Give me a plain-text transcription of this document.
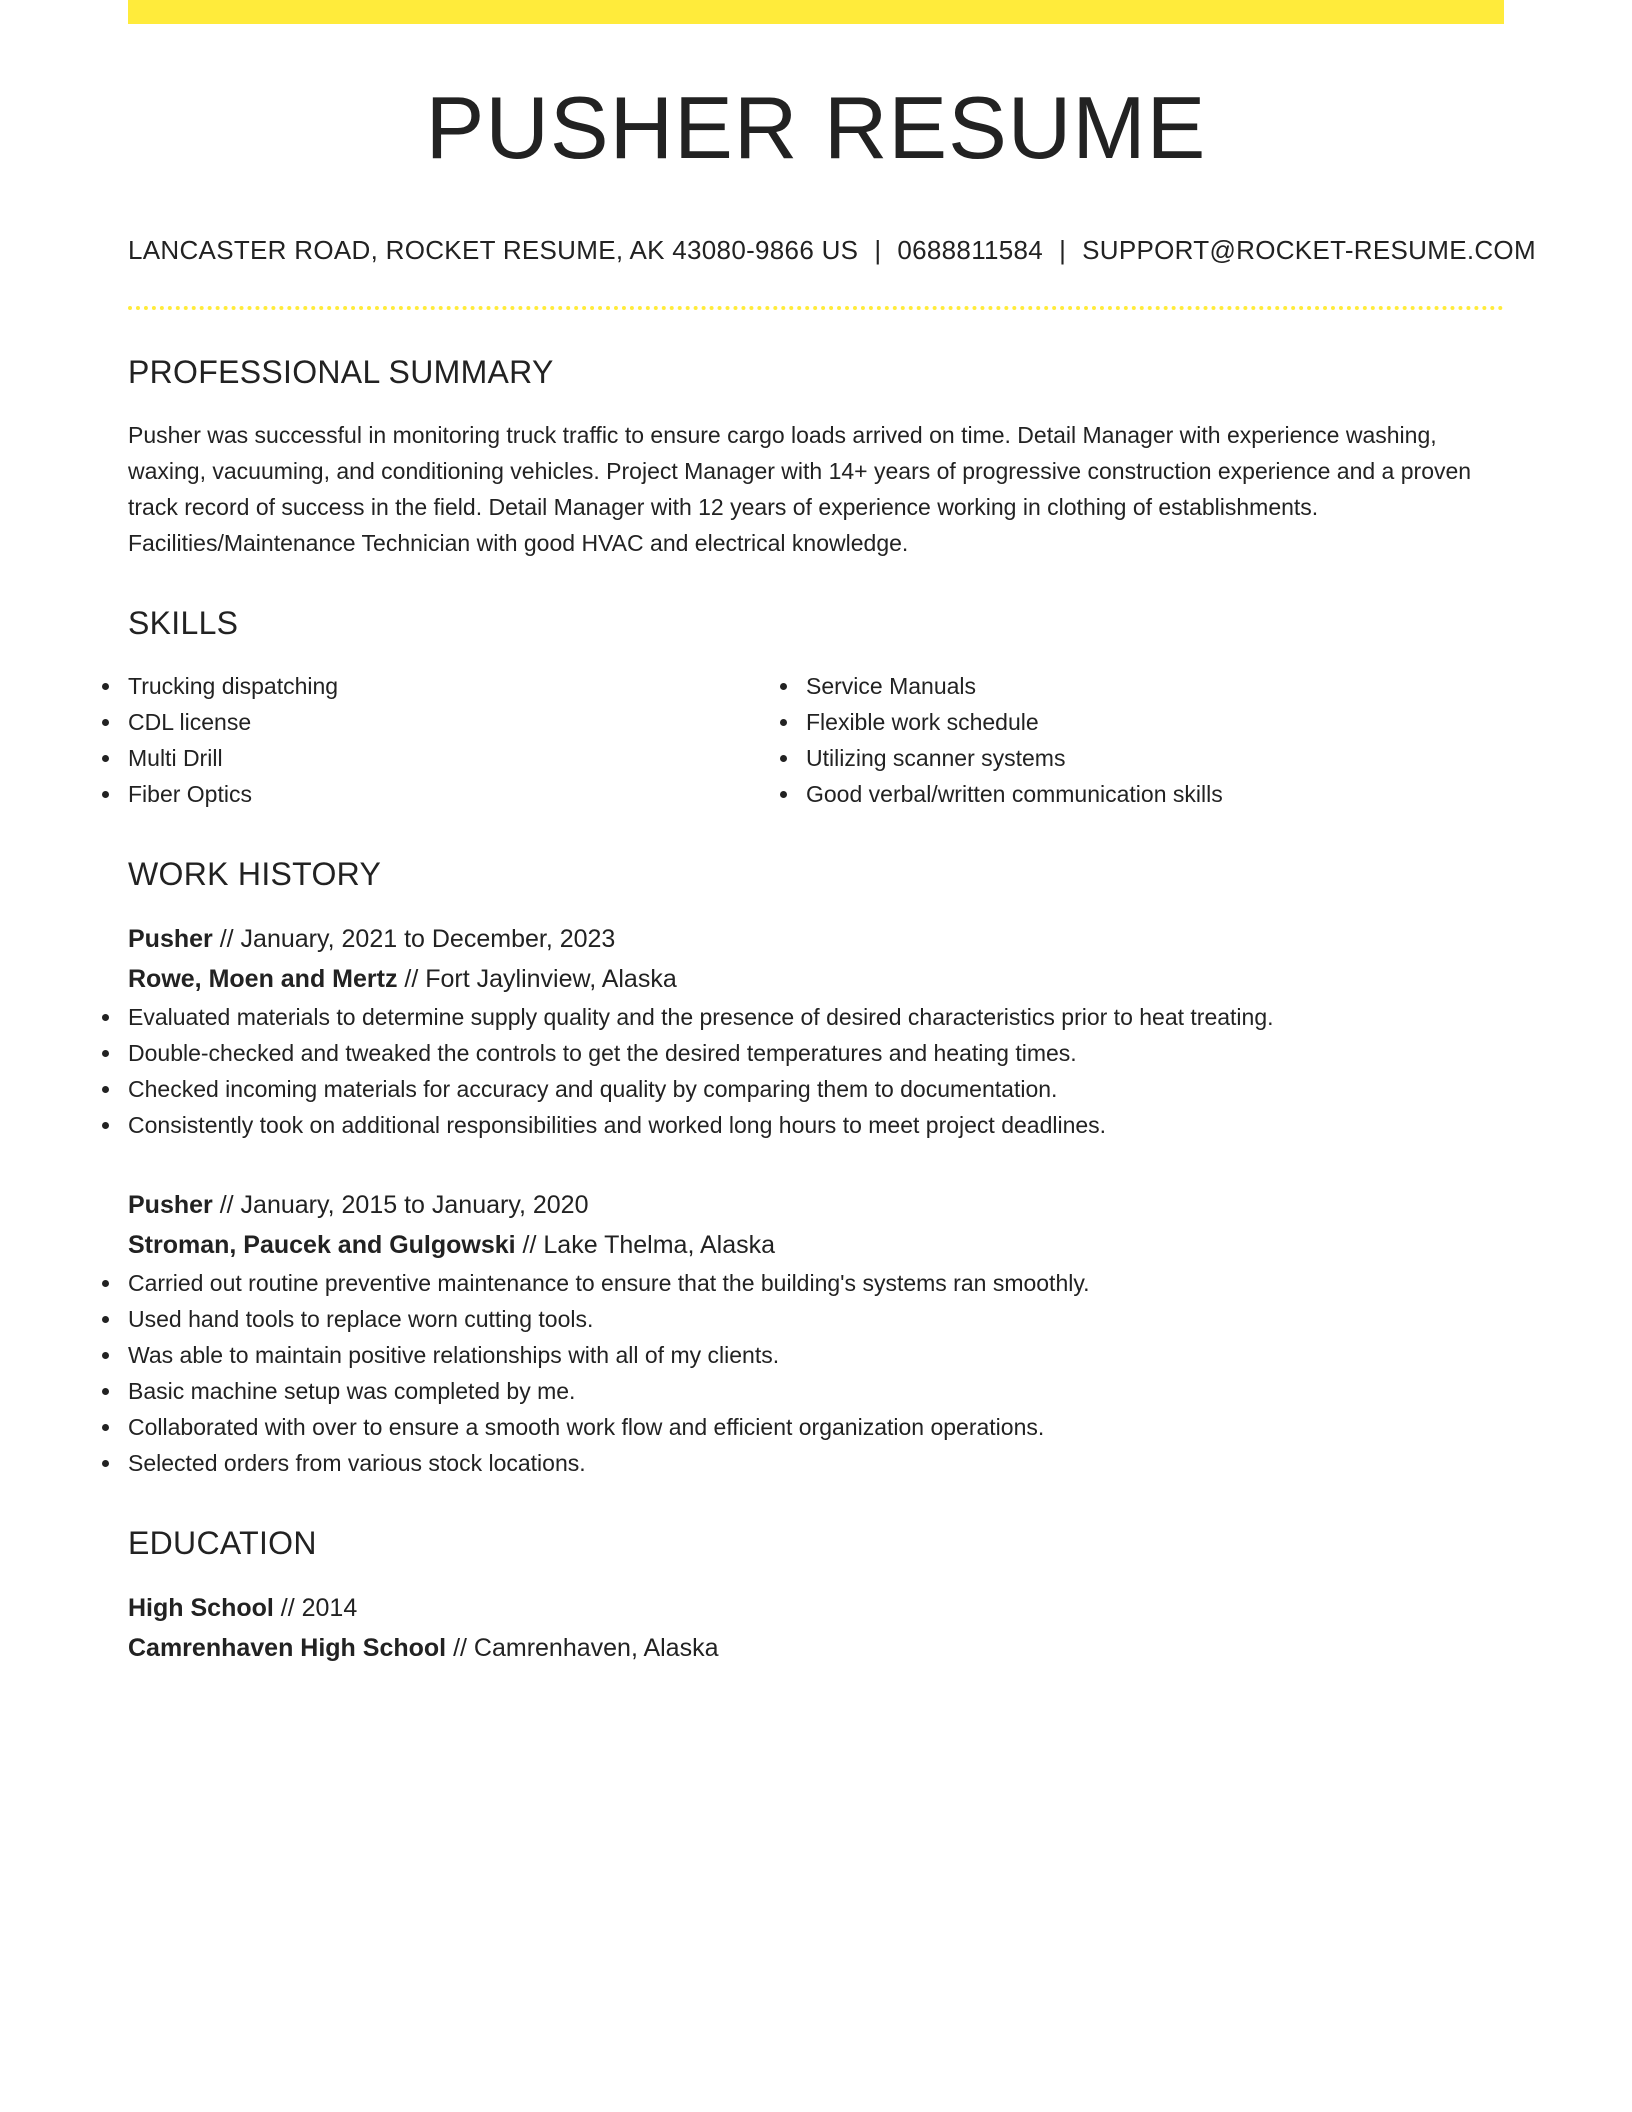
PUSHER RESUME
LANCASTER ROAD, ROCKET RESUME, AK 43080-9866 US | 0688811584 | SUPPORT@ROCKET-RESUME.COM
PROFESSIONAL SUMMARY
Pusher was successful in monitoring truck traffic to ensure cargo loads arrived on time. Detail Manager with experience washing, waxing, vacuuming, and conditioning vehicles. Project Manager with 14+ years of progressive construction experience and a proven track record of success in the field. Detail Manager with 12 years of experience working in clothing of establishments. Facilities/Maintenance Technician with good HVAC and electrical knowledge.
SKILLS
Trucking dispatching
CDL license
Multi Drill
Fiber Optics
Service Manuals
Flexible work schedule
Utilizing scanner systems
Good verbal/written communication skills
WORK HISTORY
Pusher // January, 2021 to December, 2023
Rowe, Moen and Mertz // Fort Jaylinview, Alaska
Evaluated materials to determine supply quality and the presence of desired characteristics prior to heat treating.
Double-checked and tweaked the controls to get the desired temperatures and heating times.
Checked incoming materials for accuracy and quality by comparing them to documentation.
Consistently took on additional responsibilities and worked long hours to meet project deadlines.
Pusher // January, 2015 to January, 2020
Stroman, Paucek and Gulgowski // Lake Thelma, Alaska
Carried out routine preventive maintenance to ensure that the building's systems ran smoothly.
Used hand tools to replace worn cutting tools.
Was able to maintain positive relationships with all of my clients.
Basic machine setup was completed by me.
Collaborated with over to ensure a smooth work flow and efficient organization operations.
Selected orders from various stock locations.
EDUCATION
High School // 2014
Camrenhaven High School // Camrenhaven, Alaska
